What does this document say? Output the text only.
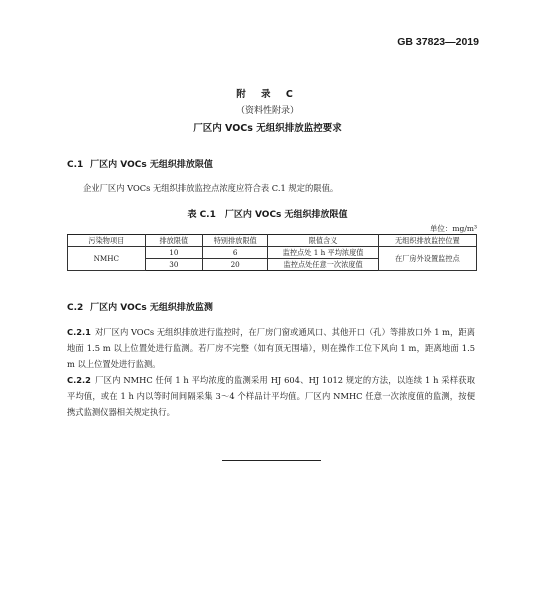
GB 37823—2019
附 录 C
（资料性附录）
厂区内 VOCs 无组织排放监控要求
C.1 厂区内 VOCs 无组织排放限值
企业厂区内 VOCs 无组织排放监控点浓度应符合表 C.1 规定的限值。
表 C.1　厂区内 VOCs 无组织排放限值
单位：mg/m³
污染物项目	排放限值	特别排放限值	限值含义	无组织排放监控位置
NMHC	10	6	监控点处 1 h 平均浓度值	在厂房外设置监控点
	30	20	监控点处任意一次浓度值	
C.2 厂区内 VOCs 无组织排放监测
C.2.1 对厂区内 VOCs 无组织排放进行监控时，在厂房门窗或通风口、其他开口（孔）等排放口外 1 m，距离地面 1.5 m 以上位置处进行监测。若厂房不完整（如有顶无围墙），则在操作工位下风向 1 m，距离地面 1.5 m 以上位置处进行监测。
C.2.2 厂区内 NMHC 任何 1 h 平均浓度的监测采用 HJ 604、HJ 1012 规定的方法，以连续 1 h 采样获取平均值，或在 1 h 内以等时间间隔采集 3～4 个样品计平均值。厂区内 NMHC 任意一次浓度值的监测，按便携式监测仪器相关规定执行。
